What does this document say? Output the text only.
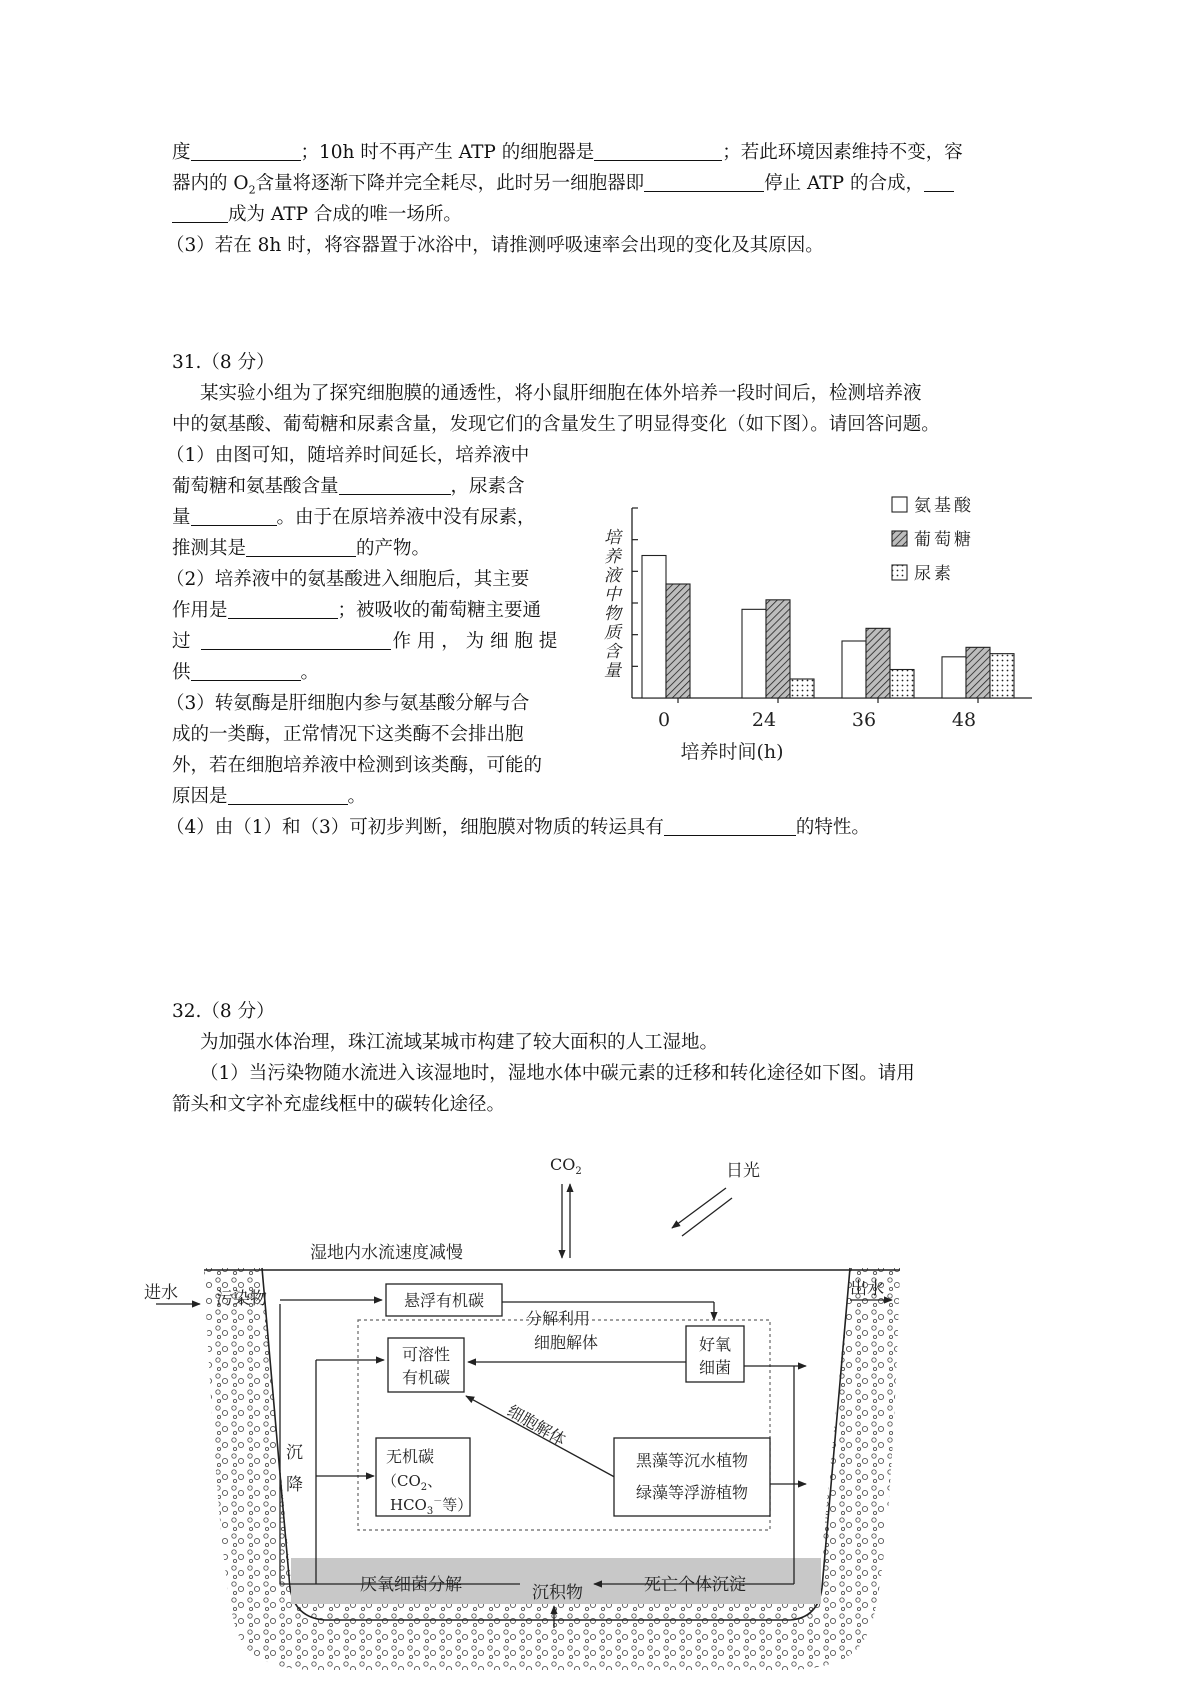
度	；10h 时不再产生 ATP 的细胞器是	；若此环境因素维持不变，容
器内的 $O_2$含量将逐渐下降并完全耗尽，此时另一细胞器即	停止 ATP 的合成，
成为 ATP 合成的唯一场所。
（3）若在 8h 时，将容器置于冰浴中，请推测呼吸速率会出现的变化及其原因。
31.（8 分）
某实验小组为了探究细胞膜的通透性，将小鼠肝细胞在体外培养一段时间后，检测培养液
中的氨基酸、葡萄糖和尿素含量，发现它们的含量发生了明显得变化（如下图）。请回答问题。
（1）由图可知，随培养时间延长，培养液中
葡萄糖和氨基酸含量	，尿素含
量	。由于在原培养液中没有尿素，
推测其是	的产物。
（2）培养液中的氨基酸进入细胞后，其主要
作用是	；被吸收的葡萄糖主要通
过	作 用 ， 为 细 胞 提
供	。
（3）转氨酶是肝细胞内参与氨基酸分解与合
成的一类酶，正常情况下这类酶不会排出胞
外，若在细胞培养液中检测到该类酶，可能的
原因是	。
（4）由（1）和（3）可初步判断，细胞膜对物质的转运具有	的特性。
0	24	36	48
氨基酸
葡萄糖
尿素
培养液中物质含量
培养时间(h)
32.（8 分）
为加强水体治理，珠江流域某城市构建了较大面积的人工湿地。
（1）当污染物随水流进入该湿地时，湿地水体中碳元素的迁移和转化途径如下图。请用
箭头和文字补充虚线框中的碳转化途径。
湿地内水流速度减慢
$CO_2$	日光
进水 污染物	出水
悬浮有机碳
分解利用
可溶性
有机碳
细胞解体	好氧
细菌
沉
降
细胞解体
无机碳
（$CO_2$、
$HCO_3^-$等）
黑藻等沉水植物
绿藻等浮游植物
厌氧细菌分解	沉积物	死亡个体沉淀
